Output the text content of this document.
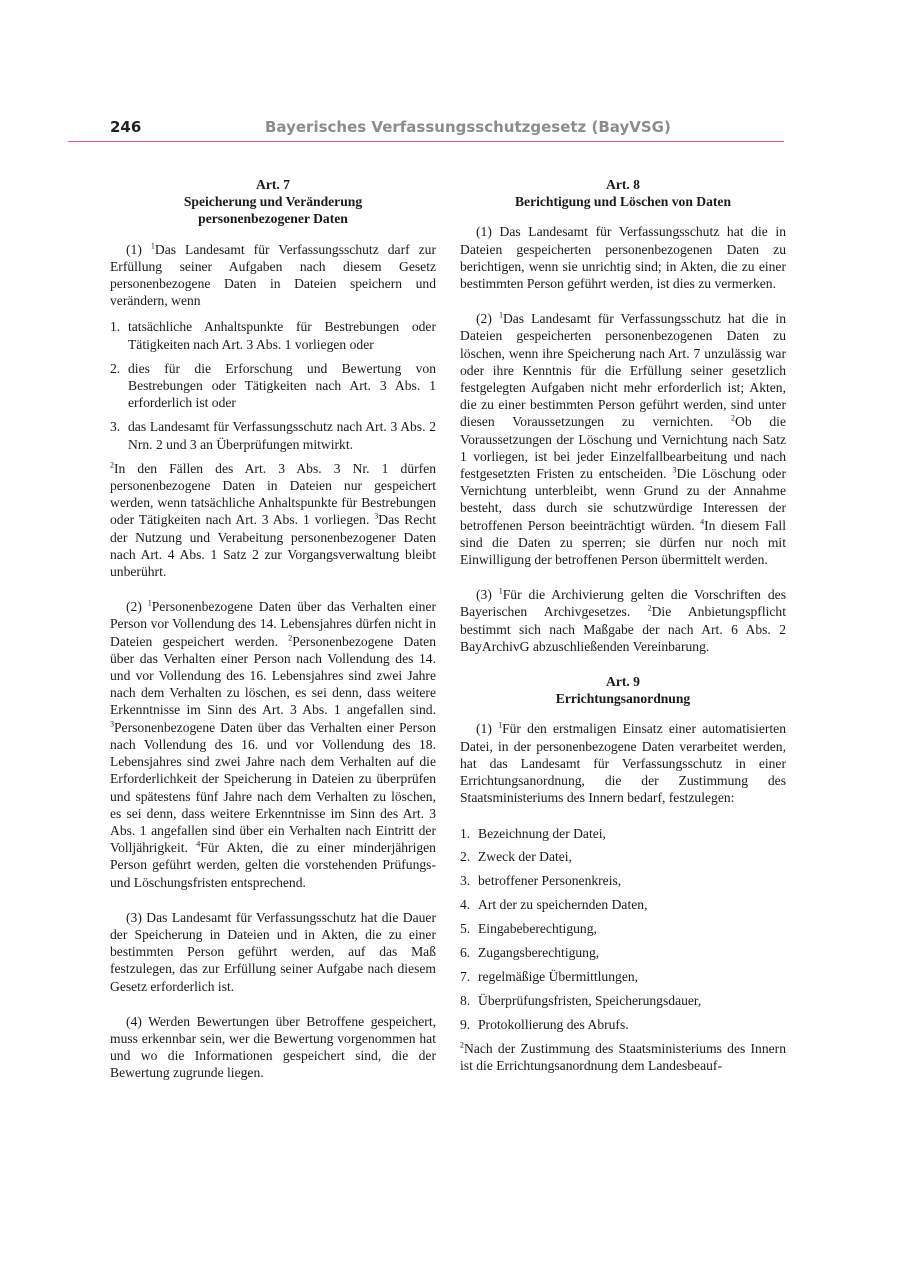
246	Bayerisches Verfassungsschutzgesetz (BayVSG)

Art. 7

Speicherung und Veränderung

personenbezogener Daten

(1) $^1$Das Landesamt für Verfassungsschutz darf zur Erfüllung seiner Aufgaben nach diesem Gesetz personenbezogene Daten in Dateien speichern und verändern, wenn

1. tatsächliche Anhaltspunkte für Bestrebungen oder Tätigkeiten nach Art. 3 Abs. 1 vorliegen oder
2. dies für die Erforschung und Bewertung von Bestrebungen oder Tätigkeiten nach Art. 3 Abs. 1 erforderlich ist oder
3. das Landesamt für Verfassungsschutz nach Art. 3 Abs. 2 Nrn. 2 und 3 an Überprüfungen mitwirkt.

$^2$In den Fällen des Art. 3 Abs. 3 Nr. 1 dürfen personenbezogene Daten in Dateien nur gespeichert werden, wenn tatsächliche Anhaltspunkte für Bestrebungen oder Tätigkeiten nach Art. 3 Abs. 1 vorliegen. $^3$Das Recht der Nutzung und Verabeitung personenbezogener Daten nach Art. 4 Abs. 1 Satz 2 zur Vorgangsverwaltung bleibt unberührt.

(2) $^1$Personenbezogene Daten über das Verhalten einer Person vor Vollendung des 14. Lebensjahres dürfen nicht in Dateien gespeichert werden. $^2$Personenbezogene Daten über das Verhalten einer Person nach Vollendung des 14. und vor Vollendung des 16. Lebensjahres sind zwei Jahre nach dem Verhalten zu löschen, es sei denn, dass weitere Erkenntnisse im Sinn des Art. 3 Abs. 1 angefallen sind. $^3$Personenbezogene Daten über das Verhalten einer Person nach Vollendung des 16. und vor Vollendung des 18. Lebensjahres sind zwei Jahre nach dem Verhalten auf die Erforderlichkeit der Speicherung in Dateien zu überprüfen und spätestens fünf Jahre nach dem Verhalten zu löschen, es sei denn, dass weitere Erkenntnisse im Sinn des Art. 3 Abs. 1 angefallen sind über ein Verhalten nach Eintritt der Volljährigkeit. $^4$Für Akten, die zu einer minderjährigen Person geführt werden, gelten die vorstehenden Prüfungs- und Löschungsfristen entsprechend.

(3) Das Landesamt für Verfassungsschutz hat die Dauer der Speicherung in Dateien und in Akten, die zu einer bestimmten Person geführt werden, auf das Maß festzulegen, das zur Erfüllung seiner Aufgabe nach diesem Gesetz erforderlich ist.

(4) Werden Bewertungen über Betroffene gespeichert, muss erkennbar sein, wer die Bewertung vorgenommen hat und wo die Informationen gespeichert sind, die der Bewertung zugrunde liegen.

Art. 8

Berichtigung und Löschen von Daten

(1) Das Landesamt für Verfassungsschutz hat die in Dateien gespeicherten personenbezogenen Daten zu berichtigen, wenn sie unrichtig sind; in Akten, die zu einer bestimmten Person geführt werden, ist dies zu vermerken.

(2) $^1$Das Landesamt für Verfassungsschutz hat die in Dateien gespeicherten personenbezogenen Daten zu löschen, wenn ihre Speicherung nach Art. 7 unzulässig war oder ihre Kenntnis für die Erfüllung seiner gesetzlich festgelegten Aufgaben nicht mehr erforderlich ist; Akten, die zu einer bestimmten Person geführt werden, sind unter diesen Voraussetzungen zu vernichten. $^2$Ob die Voraussetzungen der Löschung und Vernichtung nach Satz 1 vorliegen, ist bei jeder Einzelfallbearbeitung und nach festgesetzten Fristen zu entscheiden. $^3$Die Löschung oder Vernichtung unterbleibt, wenn Grund zu der Annahme besteht, dass durch sie schutzwürdige Interessen der betroffenen Person beeinträchtigt würden. $^4$In diesem Fall sind die Daten zu sperren; sie dürfen nur noch mit Einwilligung der betroffenen Person übermittelt werden.

(3) $^1$Für die Archivierung gelten die Vorschriften des Bayerischen Archivgesetzes. $^2$Die Anbietungspflicht bestimmt sich nach Maßgabe der nach Art. 6 Abs. 2 BayArchivG abzuschließenden Vereinbarung.

Art. 9

Errichtungsanordnung

(1) $^1$Für den erstmaligen Einsatz einer automatisierten Datei, in der personenbezogene Daten verarbeitet werden, hat das Landesamt für Verfassungsschutz in einer Errichtungsanordnung, die der Zustimmung des Staatsministeriums des Innern bedarf, festzulegen:

1. Bezeichnung der Datei,
2. Zweck der Datei,
3. betroffener Personenkreis,
4. Art der zu speichernden Daten,
5. Eingabeberechtigung,
6. Zugangsberechtigung,
7. regelmäßige Übermittlungen,
8. Überprüfungsfristen, Speicherungsdauer,
9. Protokollierung des Abrufs.

$^2$Nach der Zustimmung des Staatsministeriums des Innern ist die Errichtungsanordnung dem Landesbeauf-
